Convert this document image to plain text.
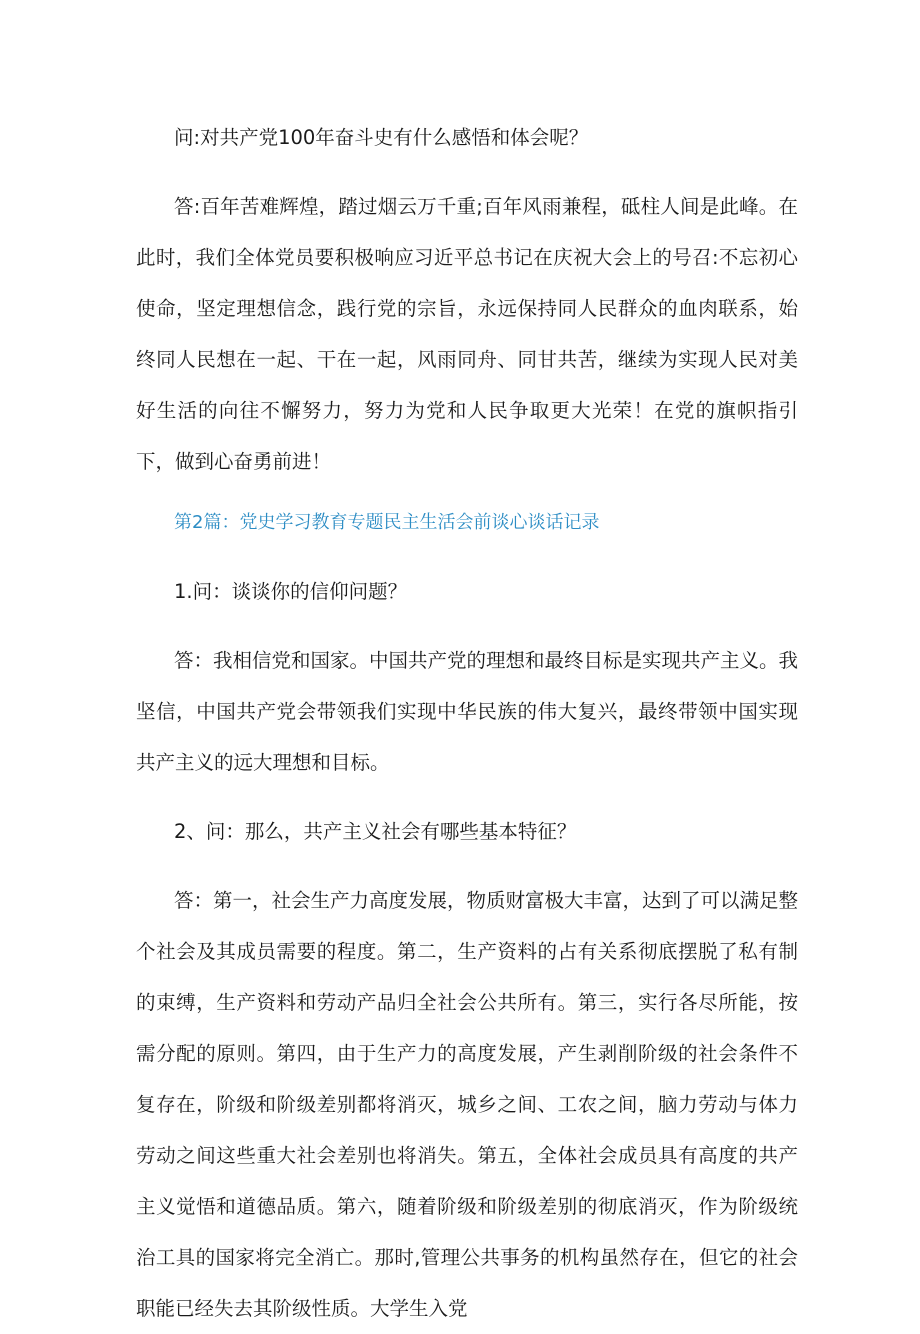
问:对共产党100年奋斗史有什么感悟和体会呢？

答:百年苦难辉煌，踏过烟云万千重;百年风雨兼程，砥柱人间是此峰。在此时，我们全体党员要积极响应习近平总书记在庆祝大会上的号召:不忘初心使命，坚定理想信念，践行党的宗旨，永远保持同人民群众的血肉联系，始终同人民想在一起、干在一起，风雨同舟、同甘共苦，继续为实现人民对美好生活的向往不懈努力，努力为党和人民争取更大光荣！在党的旗帜指引下，做到心奋勇前进！

第2篇：党史学习教育专题民主生活会前谈心谈话记录

1.问：谈谈你的信仰问题？

答：我相信党和国家。中国共产党的理想和最终目标是实现共产主义。我坚信，中国共产党会带领我们实现中华民族的伟大复兴，最终带领中国实现共产主义的远大理想和目标。

2、问：那么，共产主义社会有哪些基本特征？

答：第一，社会生产力高度发展，物质财富极大丰富，达到了可以满足整个社会及其成员需要的程度。第二，生产资料的占有关系彻底摆脱了私有制的束缚，生产资料和劳动产品归全社会公共所有。第三，实行各尽所能，按需分配的原则。第四，由于生产力的高度发展，产生剥削阶级的社会条件不复存在，阶级和阶级差别都将消灭，城乡之间、工农之间，脑力劳动与体力劳动之间这些重大社会差别也将消失。第五，全体社会成员具有高度的共产主义觉悟和道德品质。第六，随着阶级和阶级差别的彻底消灭，作为阶级统治工具的国家将完全消亡。那时,管理公共事务的机构虽然存在，但它的社会职能已经失去其阶级性质。大学生入党
